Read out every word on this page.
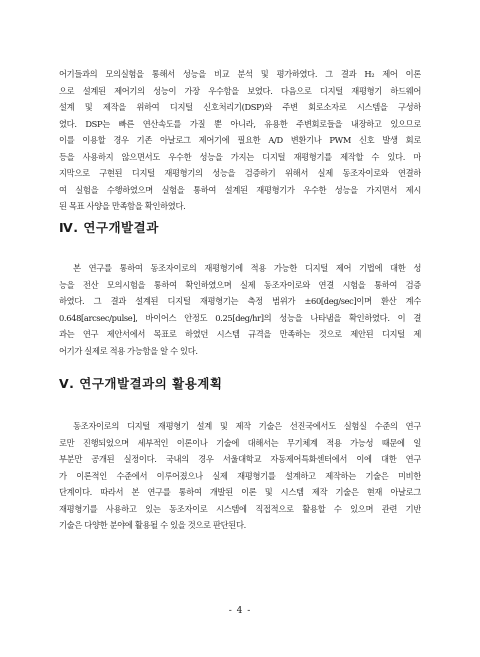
어기들과의 모의실험을 통해서 성능을 비교 분석 및 평가하였다. 그 결과 H₂ 제어 이론
으로 설계된 제어기의 성능이 가장 우수함을 보였다. 다음으로 디지털 재평형기 하드웨어
설계 및 제작을 위하여 디지털 신호처리기(DSP)와 주변 회로소자로 시스템을 구성하
였다. DSP는 빠른 연산속도를 가질 뿐 아니라, 유용한 주변회로들을 내장하고 있으므로
이를 이용할 경우 기존 아날로그 제어기에 필요한 A/D 변환기나 PWM 신호 발생 회로
등을 사용하지 않으면서도 우수한 성능을 가지는 디지털 재평형기를 제작할 수 있다. 마
지막으로 구현된 디지털 재평형기의 성능을 검증하기 위해서 실제 동조자이로와 연결하
여 실험을 수행하였으며 실험을 통하여 설계된 재평형기가 우수한 성능을 가지면서 제시
된 목표 사양을 만족함을 확인하였다.
Ⅳ. 연구개발결과
본 연구를 통하여 동조자이로의 재평형기에 적용 가능한 디지털 제어 기법에 대한 성
능을 전산 모의시험을 통하여 확인하였으며 실제 동조자이로와 연결 시험을 통하여 검증
하였다. 그 결과 설계된 디지털 재평형기는 측정 범위가 ±60[deg/sec]이며 환산 계수
0.648[arcsec/pulse], 바이어스 안정도 0.25[deg/hr]의 성능을 나타냄을 확인하였다. 이 결
과는 연구 제안서에서 목표로 하였던 시스템 규격을 만족하는 것으로 제안된 디지털 제
어기가 실제로 적용 가능함을 알 수 있다.
Ⅴ. 연구개발결과의 활용계획
동조자이로의 디지털 재평형기 설계 및 제작 기술은 선진국에서도 실험실 수준의 연구
로만 진행되었으며 세부적인 이론이나 기술에 대해서는 무기체계 적용 가능성 때문에 일
부분만 공개된 실정이다. 국내의 경우 서울대학교 자동제어특화센터에서 이에 대한 연구
가 이론적인 수준에서 이루어졌으나 실제 재평형기를 설계하고 제작하는 기술은 미비한
단계이다. 따라서 본 연구를 통하여 개발된 이론 및 시스템 제작 기술은 현재 아날로그
재평형기를 사용하고 있는 동조자이로 시스템에 직접적으로 활용할 수 있으며 관련 기반
기술은 다양한 분야에 활용될 수 있을 것으로 판단된다.
- 4 -
